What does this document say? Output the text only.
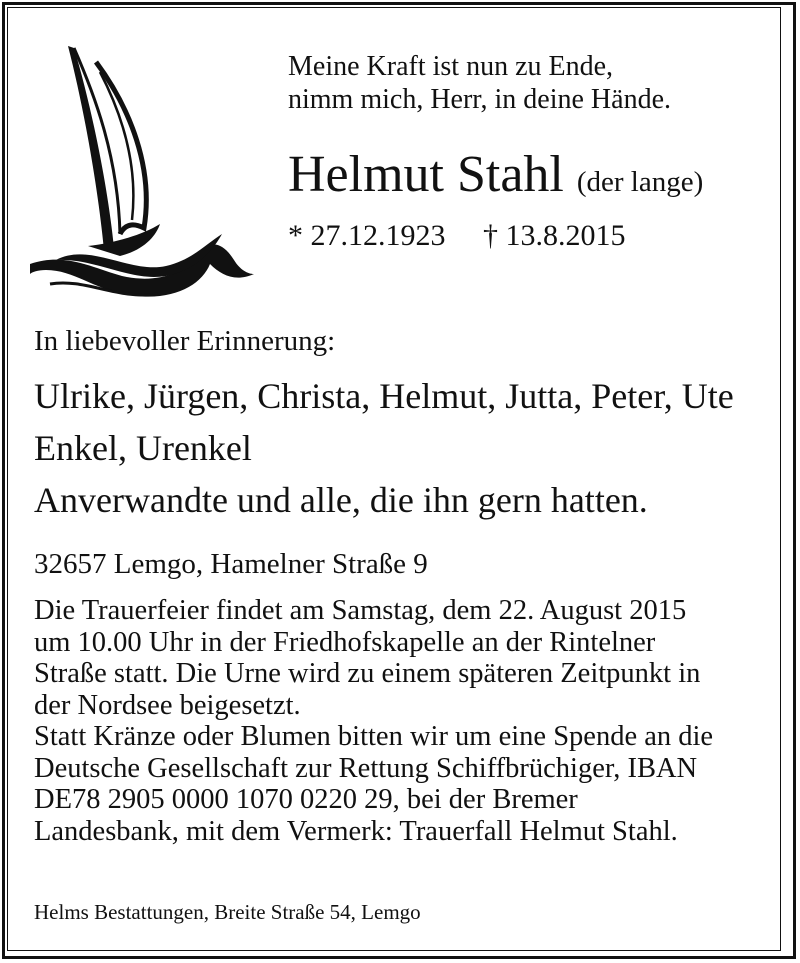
Meine Kraft ist nun zu Ende,
nimm mich, Herr, in deine Hände.
Helmut Stahl (der lange)
* 27.12.1923 † 13.8.2015
In liebevoller Erinnerung:
Ulrike, Jürgen, Christa, Helmut, Jutta, Peter, Ute
Enkel, Urenkel
Anverwandte und alle, die ihn gern hatten.
32657 Lemgo, Hamelner Straße 9
Die Trauerfeier findet am Samstag, dem 22. August 2015
um 10.00 Uhr in der Friedhofskapelle an der Rintelner
Straße statt. Die Urne wird zu einem späteren Zeitpunkt in
der Nordsee beigesetzt.
Statt Kränze oder Blumen bitten wir um eine Spende an die
Deutsche Gesellschaft zur Rettung Schiffbrüchiger, IBAN
DE78 2905 0000 1070 0220 29, bei der Bremer
Landesbank, mit dem Vermerk: Trauerfall Helmut Stahl.
Helms Bestattungen, Breite Straße 54, Lemgo
